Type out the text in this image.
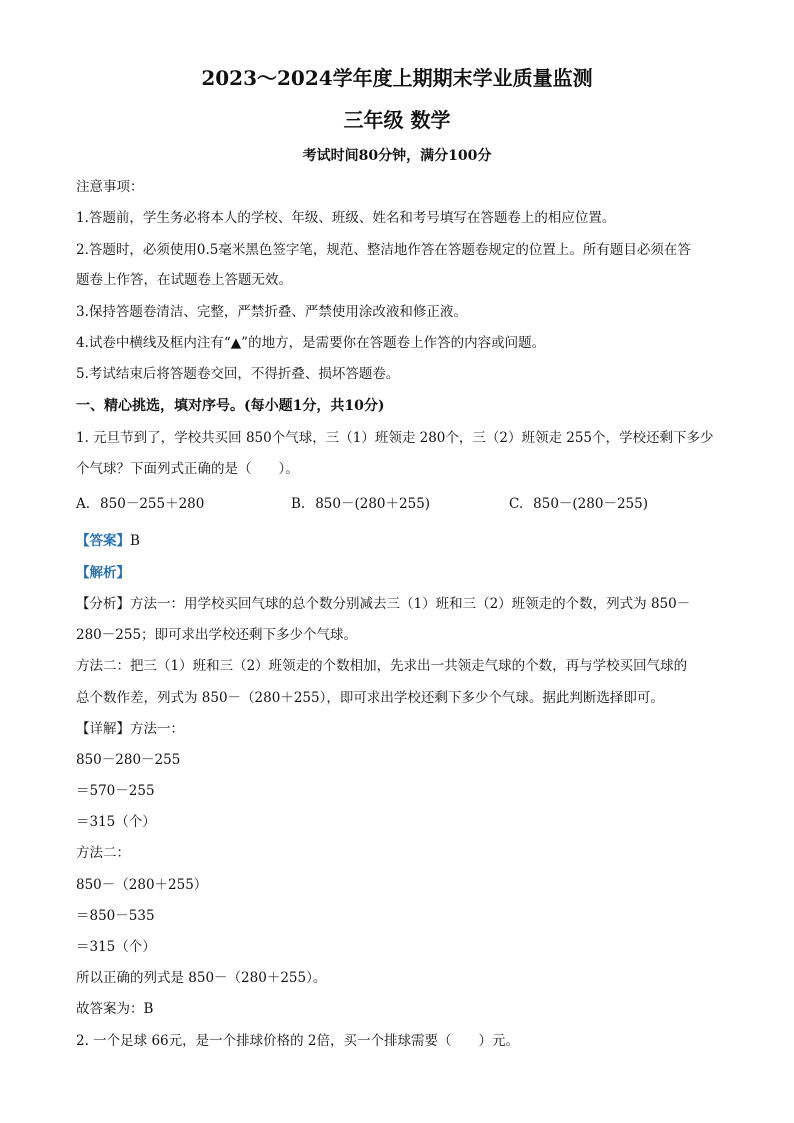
2023～2024学年度上期期末学业质量监测
三年级 数学
考试时间80分钟，满分100分
注意事项：
1.答题前，学生务必将本人的学校、年级、班级、姓名和考号填写在答题卷上的相应位置。
2.答题时，必须使用0.5毫米黑色签字笔，规范、整洁地作答在答题卷规定的位置上。所有题目必须在答
题卷上作答，在试题卷上答题无效。
3.保持答题卷清洁、完整，严禁折叠、严禁使用涂改液和修正液。
4.试卷中横线及框内注有“▲”的地方，是需要你在答题卷上作答的内容或问题。
5.考试结束后将答题卷交回，不得折叠、损坏答题卷。
一、精心挑选，填对序号。(每小题1分，共10分)
1. 元旦节到了，学校共买回 850个气球，三（1）班领走 280个，三（2）班领走 255个，学校还剩下多少
个气球？下面列式正确的是（　　）。
A. 850－255＋280	B. 850－(280＋255)	C. 850－(280－255)
【答案】B
【解析】
【分析】方法一：用学校买回气球的总个数分别减去三（1）班和三（2）班领走的个数，列式为 850－
280－255；即可求出学校还剩下多少个气球。
方法二：把三（1）班和三（2）班领走的个数相加，先求出一共领走气球的个数，再与学校买回气球的
总个数作差，列式为 850－（280＋255），即可求出学校还剩下多少个气球。据此判断选择即可。
【详解】方法一：
850－280－255
＝570－255
＝315（个）
方法二：
850－（280＋255）
＝850－535
＝315（个）
所以正确的列式是 850－（280＋255）。
故答案为：B
2. 一个足球 66元，是一个排球价格的 2倍，买一个排球需要（　　）元。
